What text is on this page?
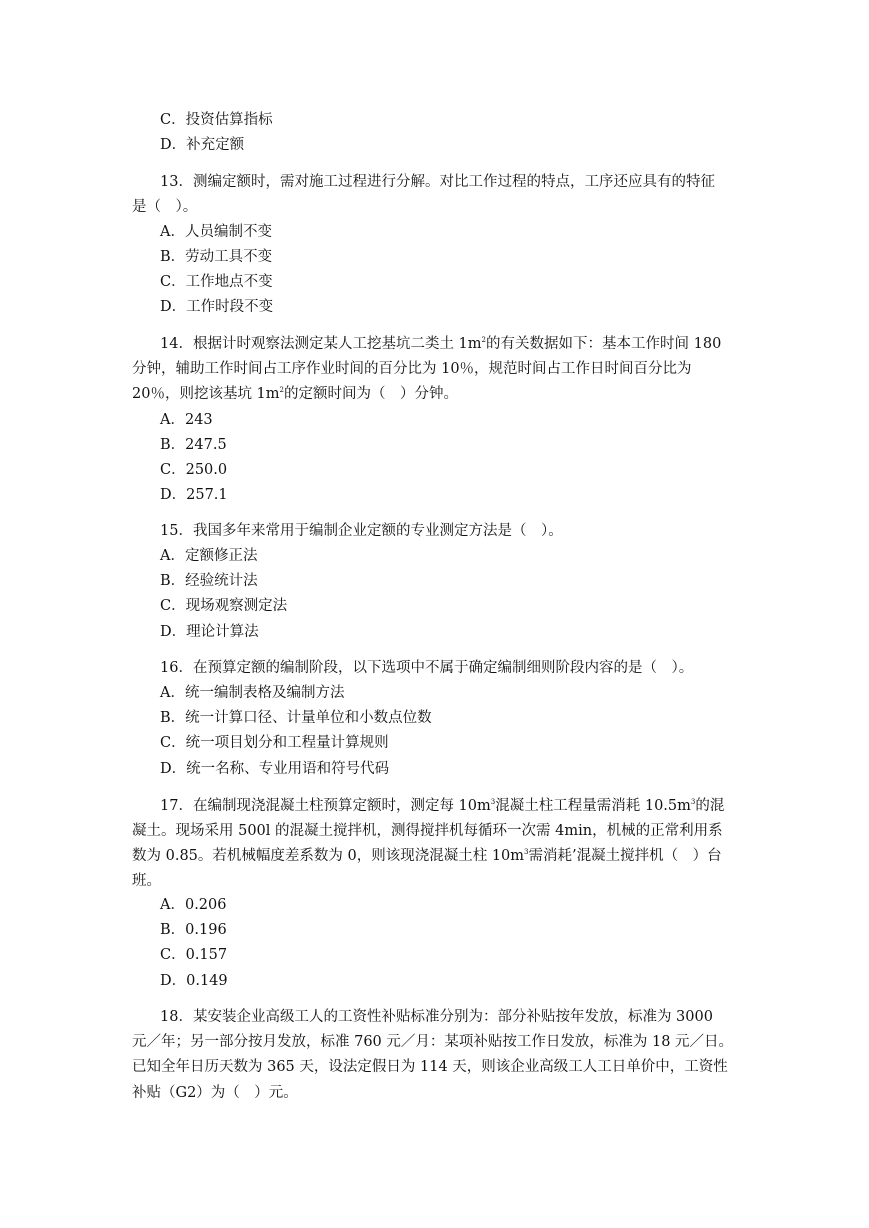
C．投资估算指标
D．补充定额
13．测编定额时，需对施工过程进行分解。对比工作过程的特点，工序还应具有的特征
是（　）。
A．人员编制不变
B．劳动工具不变
C．工作地点不变
D．工作时段不变
14．根据计时观察法测定某人工挖基坑二类土 $1m^2$的有关数据如下：基本工作时间 180
分钟，辅助工作时间占工序作业时间的百分比为 10％，规范时间占工作日时间百分比为
20％，则挖该基坑 $1m^2$的定额时间为（　）分钟。
A．243
B．247.5
C．250.0
D．257.1
15．我国多年来常用于编制企业定额的专业测定方法是（　）。
A．定额修正法
B．经验统计法
C．现场观察测定法
D．理论计算法
16．在预算定额的编制阶段，以下选项中不属于确定编制细则阶段内容的是（　）。
A．统一编制表格及编制方法
B．统一计算口径、计量单位和小数点位数
C．统一项目划分和工程量计算规则
D．统一名称、专业用语和符号代码
17．在编制现浇混凝土柱预算定额时，测定每 $10m^3$混凝土柱工程量需消耗 $10.5m^3$的混
凝土。现场采用 500l 的混凝土搅拌机，测得搅拌机每循环一次需 4min，机械的正常利用系
数为 0.85。若机械幅度差系数为 0，则该现浇混凝土柱 $10m^3$需消耗’混凝土搅拌机（　）台
班。
A．0.206
B．0.196
C．0.157
D．0.149
18．某安装企业高级工人的工资性补贴标准分别为：部分补贴按年发放，标准为 3000
元／年；另一部分按月发放，标准 760 元／月：某项补贴按工作日发放，标准为 18 元／日。
已知全年日历天数为 365 天，设法定假日为 114 天，则该企业高级工人工日单价中，工资性
补贴（G2）为（　）元。
